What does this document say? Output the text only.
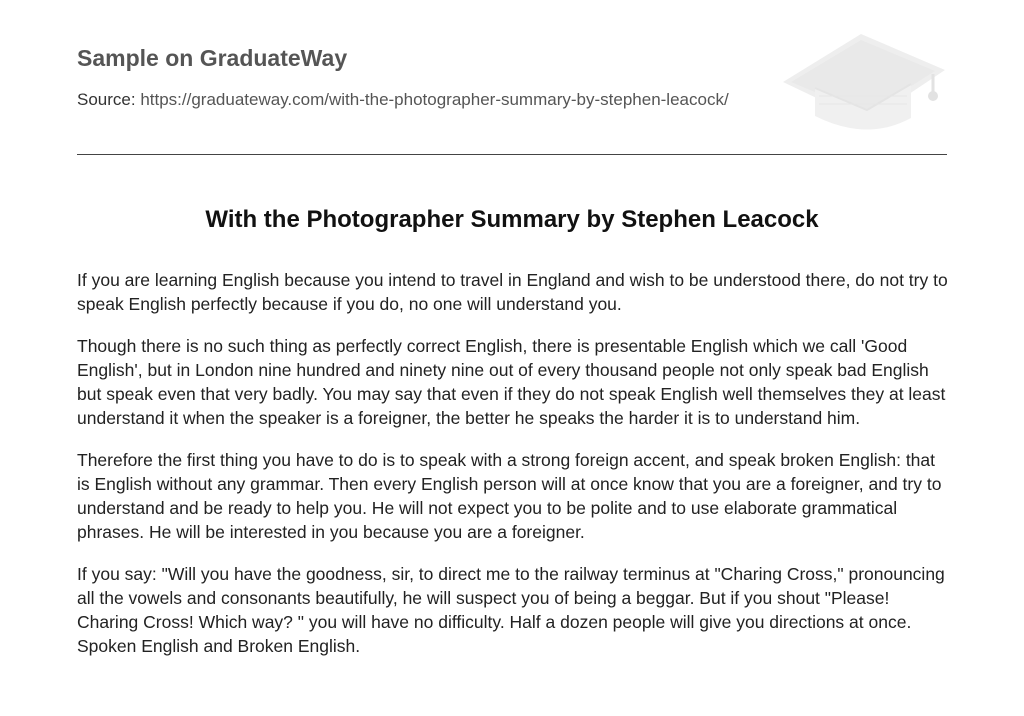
Sample on GraduateWay
Source: https://graduateway.com/with-the-photographer-summary-by-stephen-leacock/
With the Photographer Summary by Stephen Leacock

If you are learning English because you intend to travel in England and wish to be understood there, do not try to speak English perfectly because if you do, no one will understand you.

Though there is no such thing as perfectly correct English, there is presentable English which we call 'Good English', but in London nine hundred and ninety nine out of every thousand people not only speak bad English but speak even that very badly. You may say that even if they do not speak English well themselves they at least understand it when the speaker is a foreigner, the better he speaks the harder it is to understand him.

Therefore the first thing you have to do is to speak with a strong foreign accent, and speak broken English: that is English without any grammar. Then every English person will at once know that you are a foreigner, and try to understand and be ready to help you. He will not expect you to be polite and to use elaborate grammatical phrases. He will be interested in you because you are a foreigner.

If you say: "Will you have the goodness, sir, to direct me to the railway terminus at "Charing Cross," pronouncing all the vowels and consonants beautifully, he will suspect you of being a beggar. But if you shout "Please! Charing Cross! Which way? " you will have no difficulty. Half a dozen people will give you directions at once. Spoken English and Broken English.
